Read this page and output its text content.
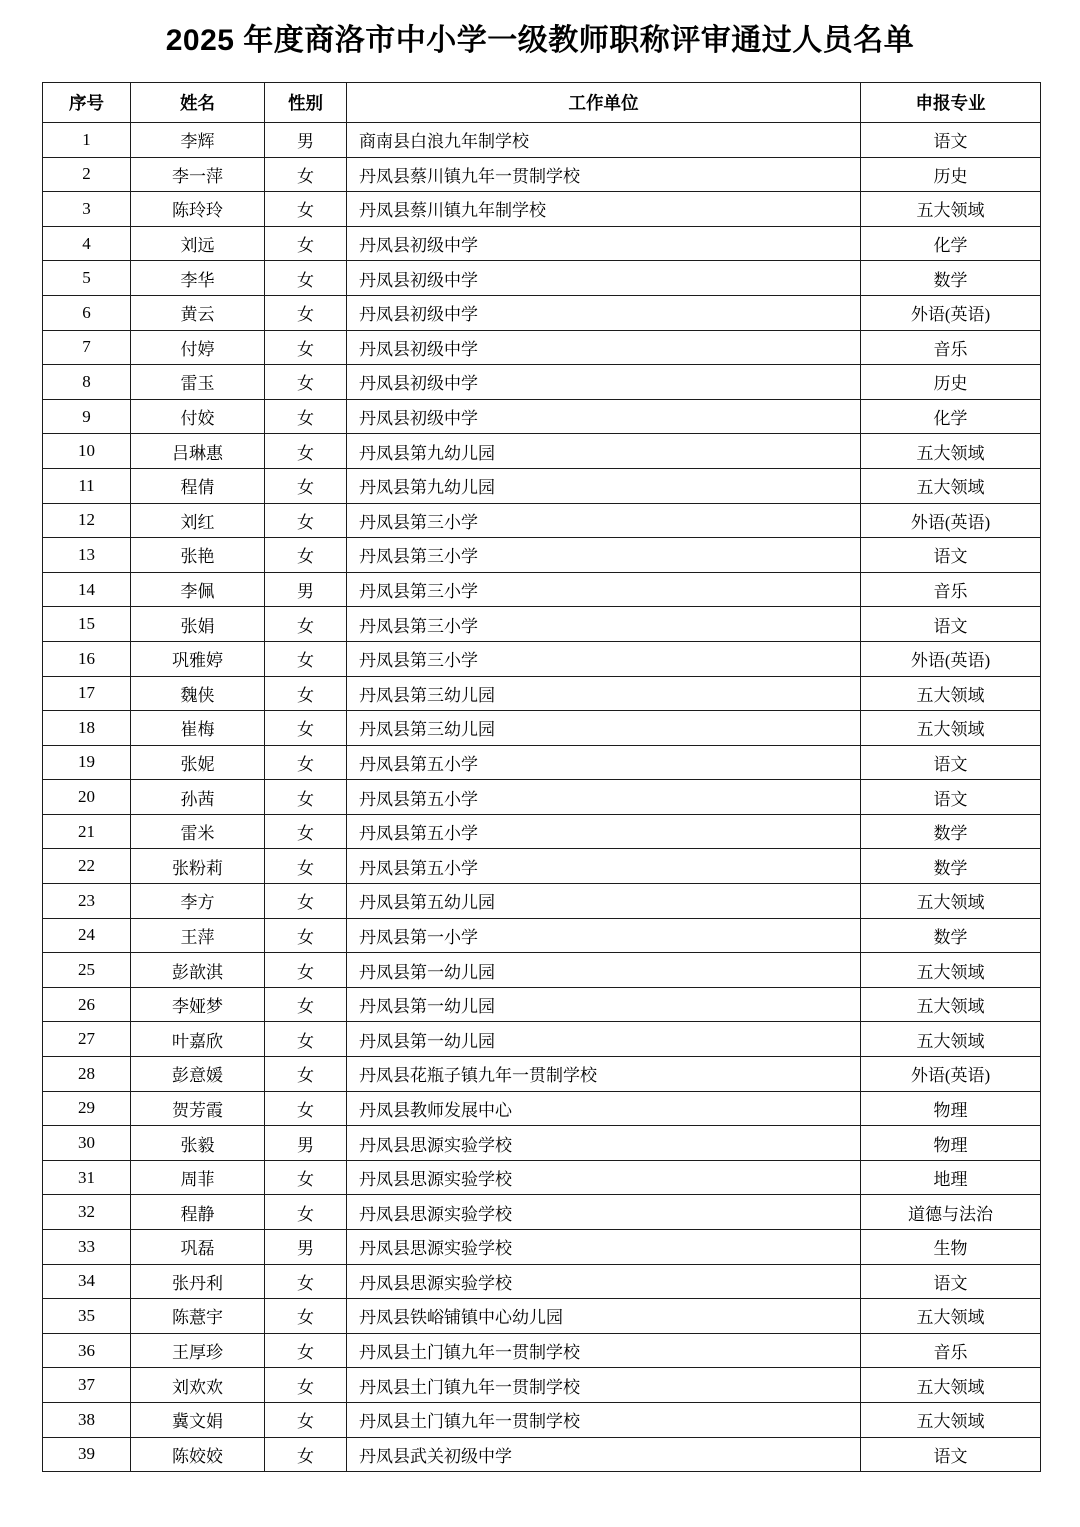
2025 年度商洛市中小学一级教师职称评审通过人员名单
序号	姓名	性别	工作单位	申报专业
1	李辉	男	商南县白浪九年制学校	语文
2	李一萍	女	丹凤县蔡川镇九年一贯制学校	历史
3	陈玲玲	女	丹凤县蔡川镇九年制学校	五大领域
4	刘远	女	丹凤县初级中学	化学
5	李华	女	丹凤县初级中学	数学
6	黄云	女	丹凤县初级中学	外语(英语)
7	付婷	女	丹凤县初级中学	音乐
8	雷玉	女	丹凤县初级中学	历史
9	付姣	女	丹凤县初级中学	化学
10	吕琳惠	女	丹凤县第九幼儿园	五大领域
11	程倩	女	丹凤县第九幼儿园	五大领域
12	刘红	女	丹凤县第三小学	外语(英语)
13	张艳	女	丹凤县第三小学	语文
14	李佩	男	丹凤县第三小学	音乐
15	张娟	女	丹凤县第三小学	语文
16	巩雅婷	女	丹凤县第三小学	外语(英语)
17	魏侠	女	丹凤县第三幼儿园	五大领域
18	崔梅	女	丹凤县第三幼儿园	五大领域
19	张妮	女	丹凤县第五小学	语文
20	孙茜	女	丹凤县第五小学	语文
21	雷米	女	丹凤县第五小学	数学
22	张粉莉	女	丹凤县第五小学	数学
23	李方	女	丹凤县第五幼儿园	五大领域
24	王萍	女	丹凤县第一小学	数学
25	彭歆淇	女	丹凤县第一幼儿园	五大领域
26	李娅梦	女	丹凤县第一幼儿园	五大领域
27	叶嘉欣	女	丹凤县第一幼儿园	五大领域
28	彭意媛	女	丹凤县花瓶子镇九年一贯制学校	外语(英语)
29	贺芳霞	女	丹凤县教师发展中心	物理
30	张毅	男	丹凤县思源实验学校	物理
31	周菲	女	丹凤县思源实验学校	地理
32	程静	女	丹凤县思源实验学校	道德与法治
33	巩磊	男	丹凤县思源实验学校	生物
34	张丹利	女	丹凤县思源实验学校	语文
35	陈薏宇	女	丹凤县铁峪铺镇中心幼儿园	五大领域
36	王厚珍	女	丹凤县土门镇九年一贯制学校	音乐
37	刘欢欢	女	丹凤县土门镇九年一贯制学校	五大领域
38	冀文娟	女	丹凤县土门镇九年一贯制学校	五大领域
39	陈姣姣	女	丹凤县武关初级中学	语文
